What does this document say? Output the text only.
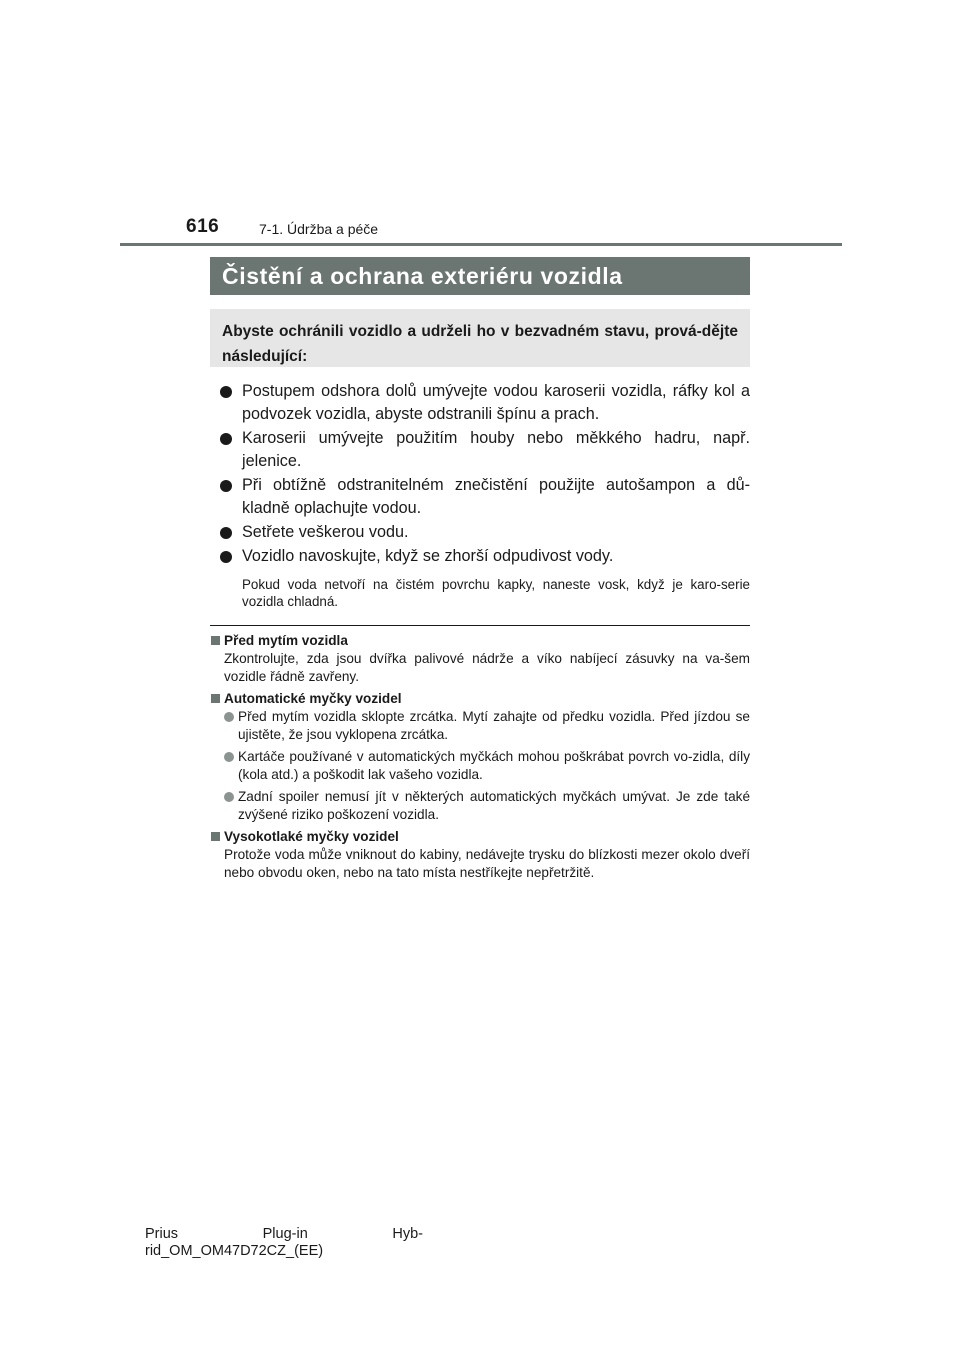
616	7-1. Údržba a péče
Čistění a ochrana exteriéru vozidla
Abyste ochránili vozidlo a udrželi ho v bezvadném stavu, prová-dějte následující:
Postupem odshora dolů umývejte vodou karoserii vozidla, ráfky kol a podvozek vozidla, abyste odstranili špínu a prach.
Karoserii umývejte použitím houby nebo měkkého hadru, např. jelenice.
Při obtížně odstranitelném znečistění použijte autošampon a dů-kladně oplachujte vodou.
Setřete veškerou vodu.
Vozidlo navoskujte, když se zhorší odpudivost vody.
Pokud voda netvoří na čistém povrchu kapky, naneste vosk, když je karo-serie vozidla chladná.
Před mytím vozidla
Zkontrolujte, zda jsou dvířka palivové nádrže a víko nabíjecí zásuvky na va-šem vozidle řádně zavřeny.
Automatické myčky vozidel
Před mytím vozidla sklopte zrcátka. Mytí zahajte od předku vozidla. Před jízdou se ujistěte, že jsou vyklopena zrcátka.
Kartáče používané v automatických myčkách mohou poškrábat povrch vo-zidla, díly (kola atd.) a poškodit lak vašeho vozidla.
Zadní spoiler nemusí jít v některých automatických myčkách umývat. Je zde také zvýšené riziko poškození vozidla.
Vysokotlaké myčky vozidel
Protože voda může vniknout do kabiny, nedávejte trysku do blízkosti mezer okolo dveří nebo obvodu oken, nebo na tato místa nestříkejte nepřetržitě.
Prius	Plug-in	Hyb-
rid_OM_OM47D72CZ_(EE)
